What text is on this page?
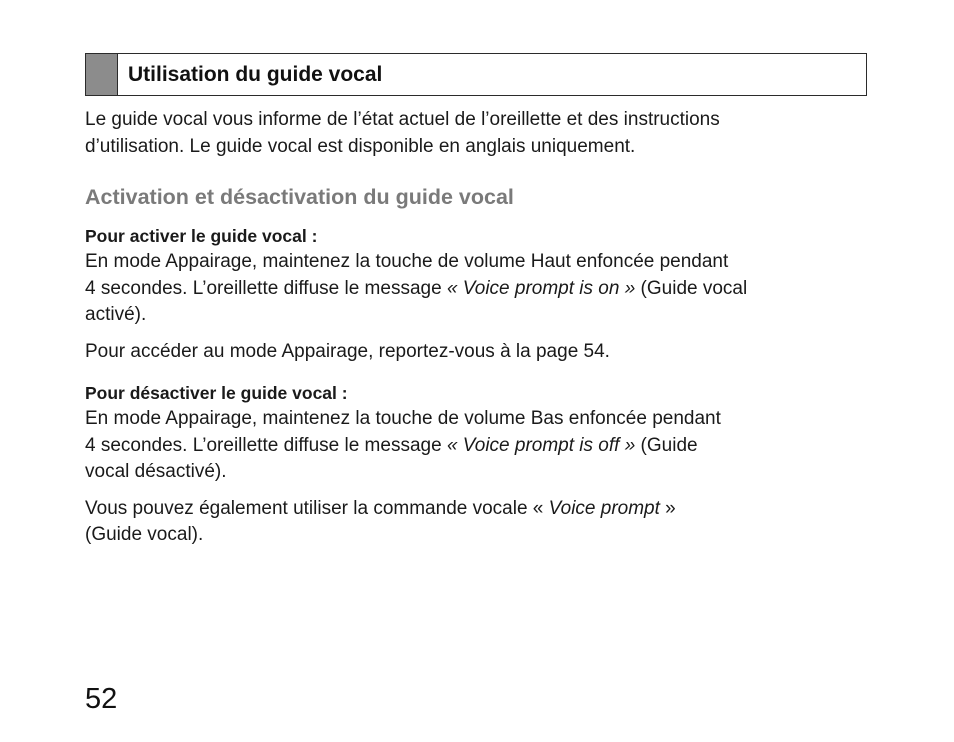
Utilisation du guide vocal

Le guide vocal vous informe de l’état actuel de l’oreillette et des instructions
d’utilisation. Le guide vocal est disponible en anglais uniquement.

Activation et désactivation du guide vocal
Pour activer le guide vocal :

En mode Appairage, maintenez la touche de volume Haut enfoncée pendant
4 secondes. L’oreillette diffuse le message « Voice prompt is on » (Guide vocal
activé).

Pour accéder au mode Appairage, reportez-vous à la page 54.

Pour désactiver le guide vocal :

En mode Appairage, maintenez la touche de volume Bas enfoncée pendant
4 secondes. L’oreillette diffuse le message « Voice prompt is off » (Guide
vocal désactivé).

Vous pouvez également utiliser la commande vocale « Voice prompt »
(Guide vocal).

52
